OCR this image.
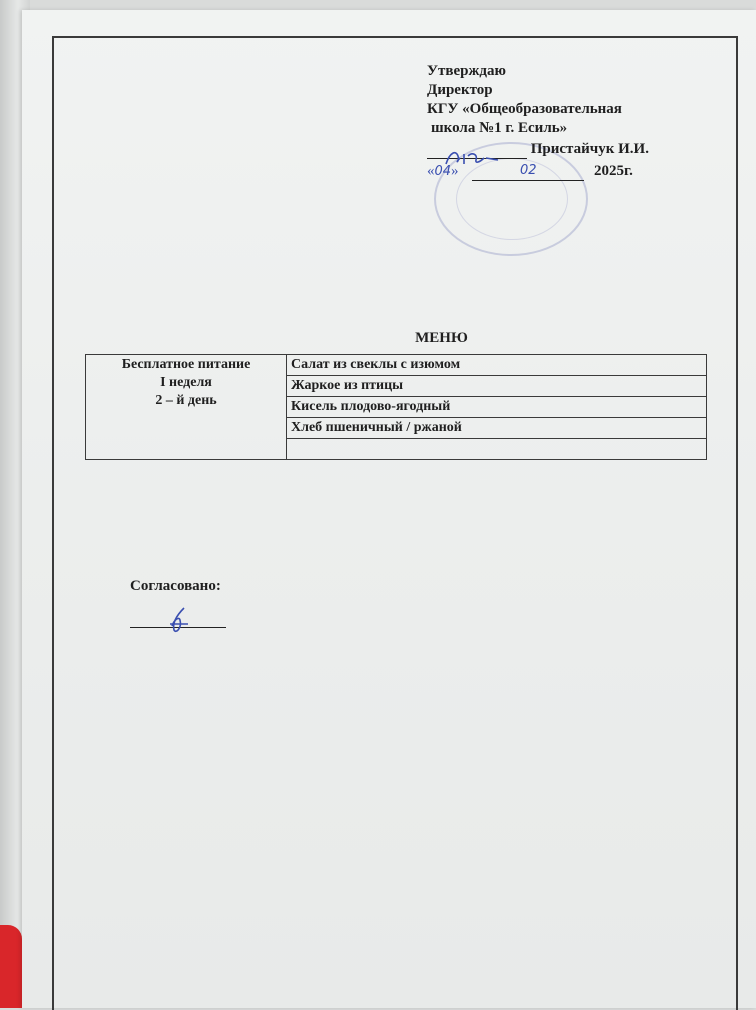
Утверждаю
Директор
КГУ «Общеобразовательная
школа №1 г. Есиль»
Пристайчук И.И.
«04»	02	2025г.
МЕНЮ
Бесплатное питание
I неделя
2 – й день
	Салат из свеклы с изюмом
Жаркое из птицы
Кисель плодово-ягодный
Хлеб пшеничный / ржаной

Согласовано:
